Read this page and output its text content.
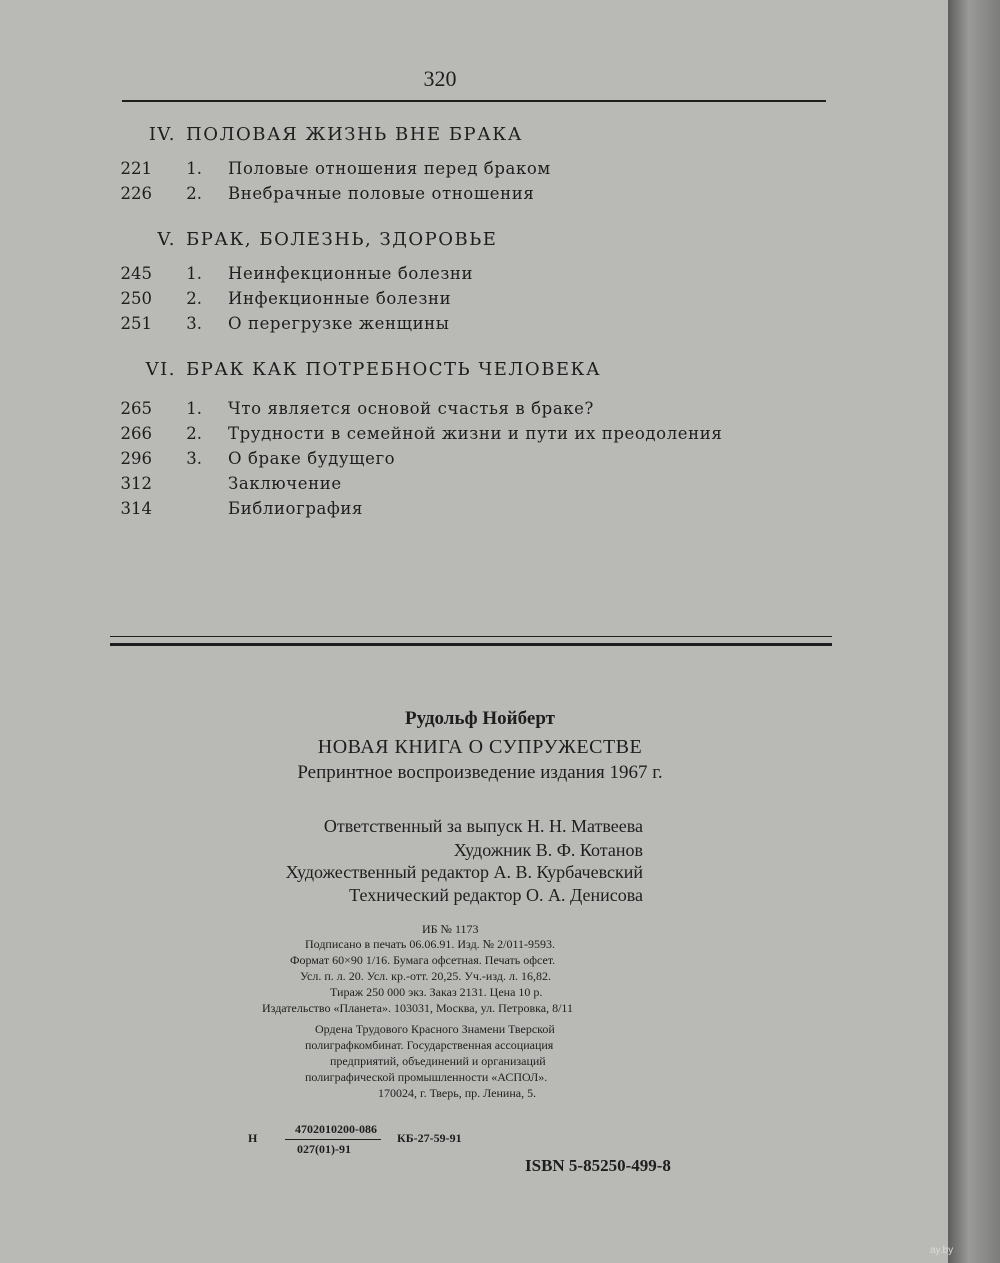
320
IV. ПОЛОВАЯ ЖИЗНЬ ВНЕ БРАКА
221 1. Половые отношения перед браком
226 2. Внебрачные половые отношения
V. БРАК, БОЛЕЗНЬ, ЗДОРОВЬЕ
245 1. Неинфекционные болезни
250 2. Инфекционные болезни
251 3. О перегрузке женщины
VI. БРАК КАК ПОТРЕБНОСТЬ ЧЕЛОВЕКА
265 1. Что является основой счастья в браке?
266 2. Трудности в семейной жизни и пути их преодоления
296 3. О браке будущего
312	Заключение
314	Библиография
Рудольф Нойберт
НОВАЯ КНИГА О СУПРУЖЕСТВЕ
Репринтное воспроизведение издания 1967 г.
Ответственный за выпуск Н. Н. Матвеева
Художник В. Ф. Котанов
Художественный редактор А. В. Курбачевский
Технический редактор О. А. Денисова
ИБ № 1173
Подписано в печать 06.06.91. Изд. № 2/011-9593.
Формат 60×90 1/16. Бумага офсетная. Печать офсет.
Усл. п. л. 20. Усл. кр.-отт. 20,25. Уч.-изд. л. 16,82.
Тираж 250 000 экз. Заказ 2131. Цена 10 р.
Издательство «Планета». 103031, Москва, ул. Петровка, 8/11
Ордена Трудового Красного Знамени Тверской
полиграфкомбинат. Государственная ассоциация
предприятий, объединений и организаций
полиграфической промышленности «АСПОЛ».
170024, г. Тверь, пр. Ленина, 5.
Н
4702010200-086
027(01)-91
КБ-27-59-91
ISBN 5-85250-499-8
ay.by
